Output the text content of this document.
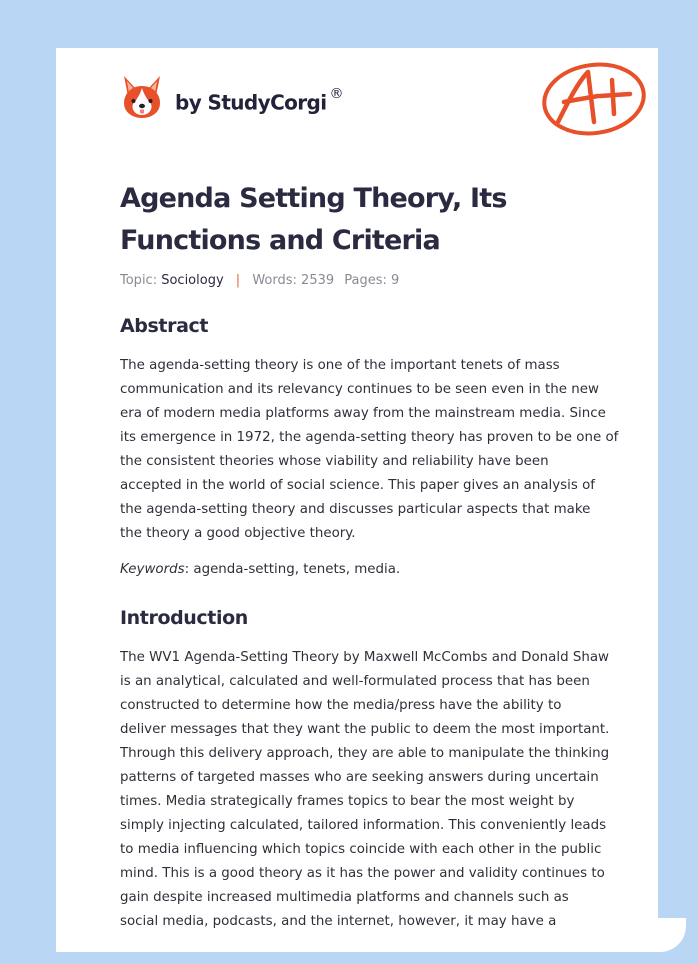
by StudyCorgi ®
A+
Agenda Setting Theory, Its
Functions and Criteria
Topic: Sociology | Words: 2539 Pages: 9
Abstract

The agenda-setting theory is one of the important tenets of mass
communication and its relevancy continues to be seen even in the new
era of modern media platforms away from the mainstream media. Since
its emergence in 1972, the agenda-setting theory has proven to be one of
the consistent theories whose viability and reliability have been
accepted in the world of social science. This paper gives an analysis of
the agenda-setting theory and discusses particular aspects that make
the theory a good objective theory.

Keywords: agenda-setting, tenets, media.

Introduction

The WV1 Agenda-Setting Theory by Maxwell McCombs and Donald Shaw
is an analytical, calculated and well-formulated process that has been
constructed to determine how the media/press have the ability to
deliver messages that they want the public to deem the most important.
Through this delivery approach, they are able to manipulate the thinking
patterns of targeted masses who are seeking answers during uncertain
times. Media strategically frames topics to bear the most weight by
simply injecting calculated, tailored information. This conveniently leads
to media influencing which topics coincide with each other in the public
mind. This is a good theory as it has the power and validity continues to
gain despite increased multimedia platforms and channels such as
social media, podcasts, and the internet, however, it may have a
